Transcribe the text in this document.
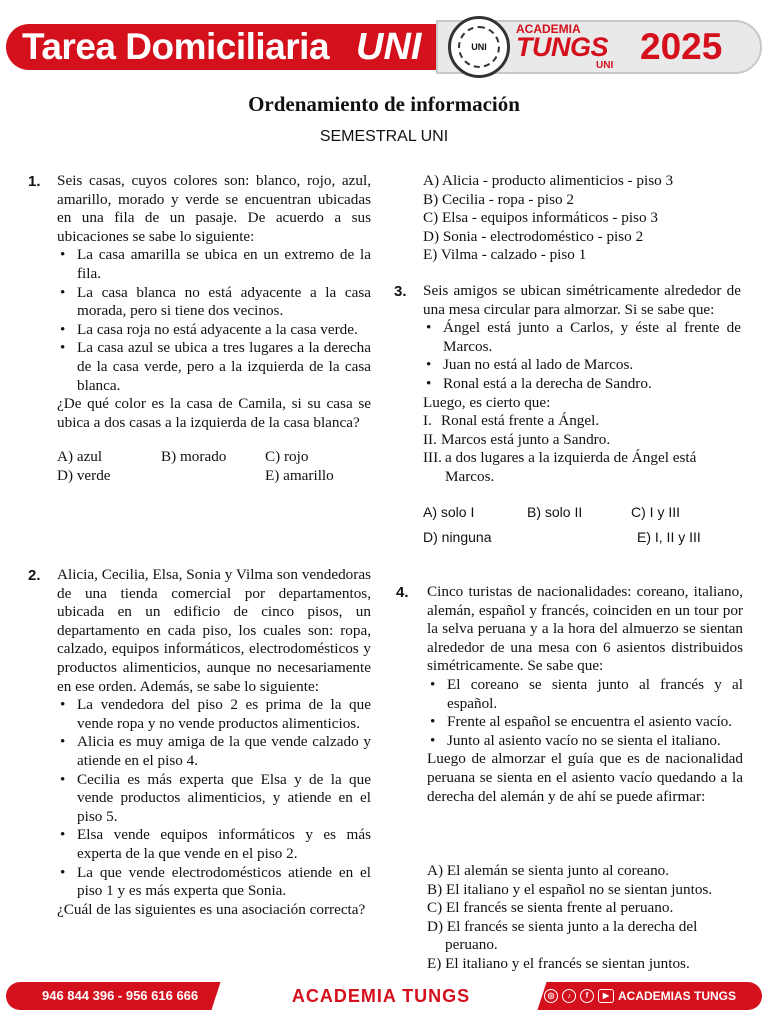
Tarea Domiciliaria UNI	UNI
ACADEMIA
TUNGS
UNI 2025
Ordenamiento de información
SEMESTRAL UNI
1. Seis casas, cuyos colores son: blanco, rojo, azul, amarillo, morado y verde se encuentran ubicadas en una fila de un pasaje. De acuerdo a sus ubicaciones se sabe lo siguiente:
• La casa amarilla se ubica en un extremo de la fila.
• La casa blanca no está adyacente a la casa morada, pero si tiene dos vecinos.
• La casa roja no está adyacente a la casa verde.
• La casa azul se ubica a tres lugares a la derecha de la casa verde, pero a la izquierda de la casa blanca.
¿De qué color es la casa de Camila, si su casa se ubica a dos casas a la izquierda de la casa blanca?
A) azul	B) morado	C) rojo
D) verde	E) amarillo
2. Alicia, Cecilia, Elsa, Sonia y Vilma son vendedoras de una tienda comercial por departamentos, ubicada en un edificio de cinco pisos, un departamento en cada piso, los cuales son: ropa, calzado, equipos informáticos, electrodomésticos y productos alimenticios, aunque no necesariamente en ese orden. Además, se sabe lo siguiente:
• La vendedora del piso 2 es prima de la que vende ropa y no vende productos alimenticios.
• Alicia es muy amiga de la que vende calzado y atiende en el piso 4.
• Cecilia es más experta que Elsa y de la que vende productos alimenticios, y atiende en el piso 5.
• Elsa vende equipos informáticos y es más experta de la que vende en el piso 2.
• La que vende electrodomésticos atiende en el piso 1 y es más experta que Sonia.
¿Cuál de las siguientes es una asociación correcta?
A) Alicia - producto alimenticios - piso 3
B) Cecilia - ropa - piso 2
C) Elsa - equipos informáticos - piso 3
D) Sonia - electrodoméstico - piso 2
E) Vilma - calzado - piso 1
3. Seis amigos se ubican simétricamente alrededor de una mesa circular para almorzar. Si se sabe que:
• Ángel está junto a Carlos, y éste al frente de Marcos.
• Juan no está al lado de Marcos.
• Ronal está a la derecha de Sandro.
Luego, es cierto que:
I. Ronal está frente a Ángel.
II. Marcos está junto a Sandro.
III. a dos lugares a la izquierda de Ángel está Marcos.
A) solo I	B) solo II	C) I y III
D) ninguna	E) I, II y III
4. Cinco turistas de nacionalidades: coreano, italiano, alemán, español y francés, coinciden en un tour por la selva peruana y a la hora del almuerzo se sientan alrededor de una mesa con 6 asientos distribuidos simétricamente. Se sabe que:
• El coreano se sienta junto al francés y al español.
• Frente al español se encuentra el asiento vacío.
• Junto al asiento vacío no se sienta el italiano.
Luego de almorzar el guía que es de nacionalidad peruana se sienta en el asiento vacío quedando a la derecha del alemán y de ahí se puede afirmar:
A) El alemán se sienta junto al coreano.
B) El italiano y el español no se sientan juntos.
C) El francés se sienta frente al peruano.
D) El francés se sienta junto a la derecha del peruano.
E) El italiano y el francés se sientan juntos.
946 844 396 - 956 616 666	ACADEMIA TUNGS	◎	♪	f	▶ ACADEMIAS TUNGS
